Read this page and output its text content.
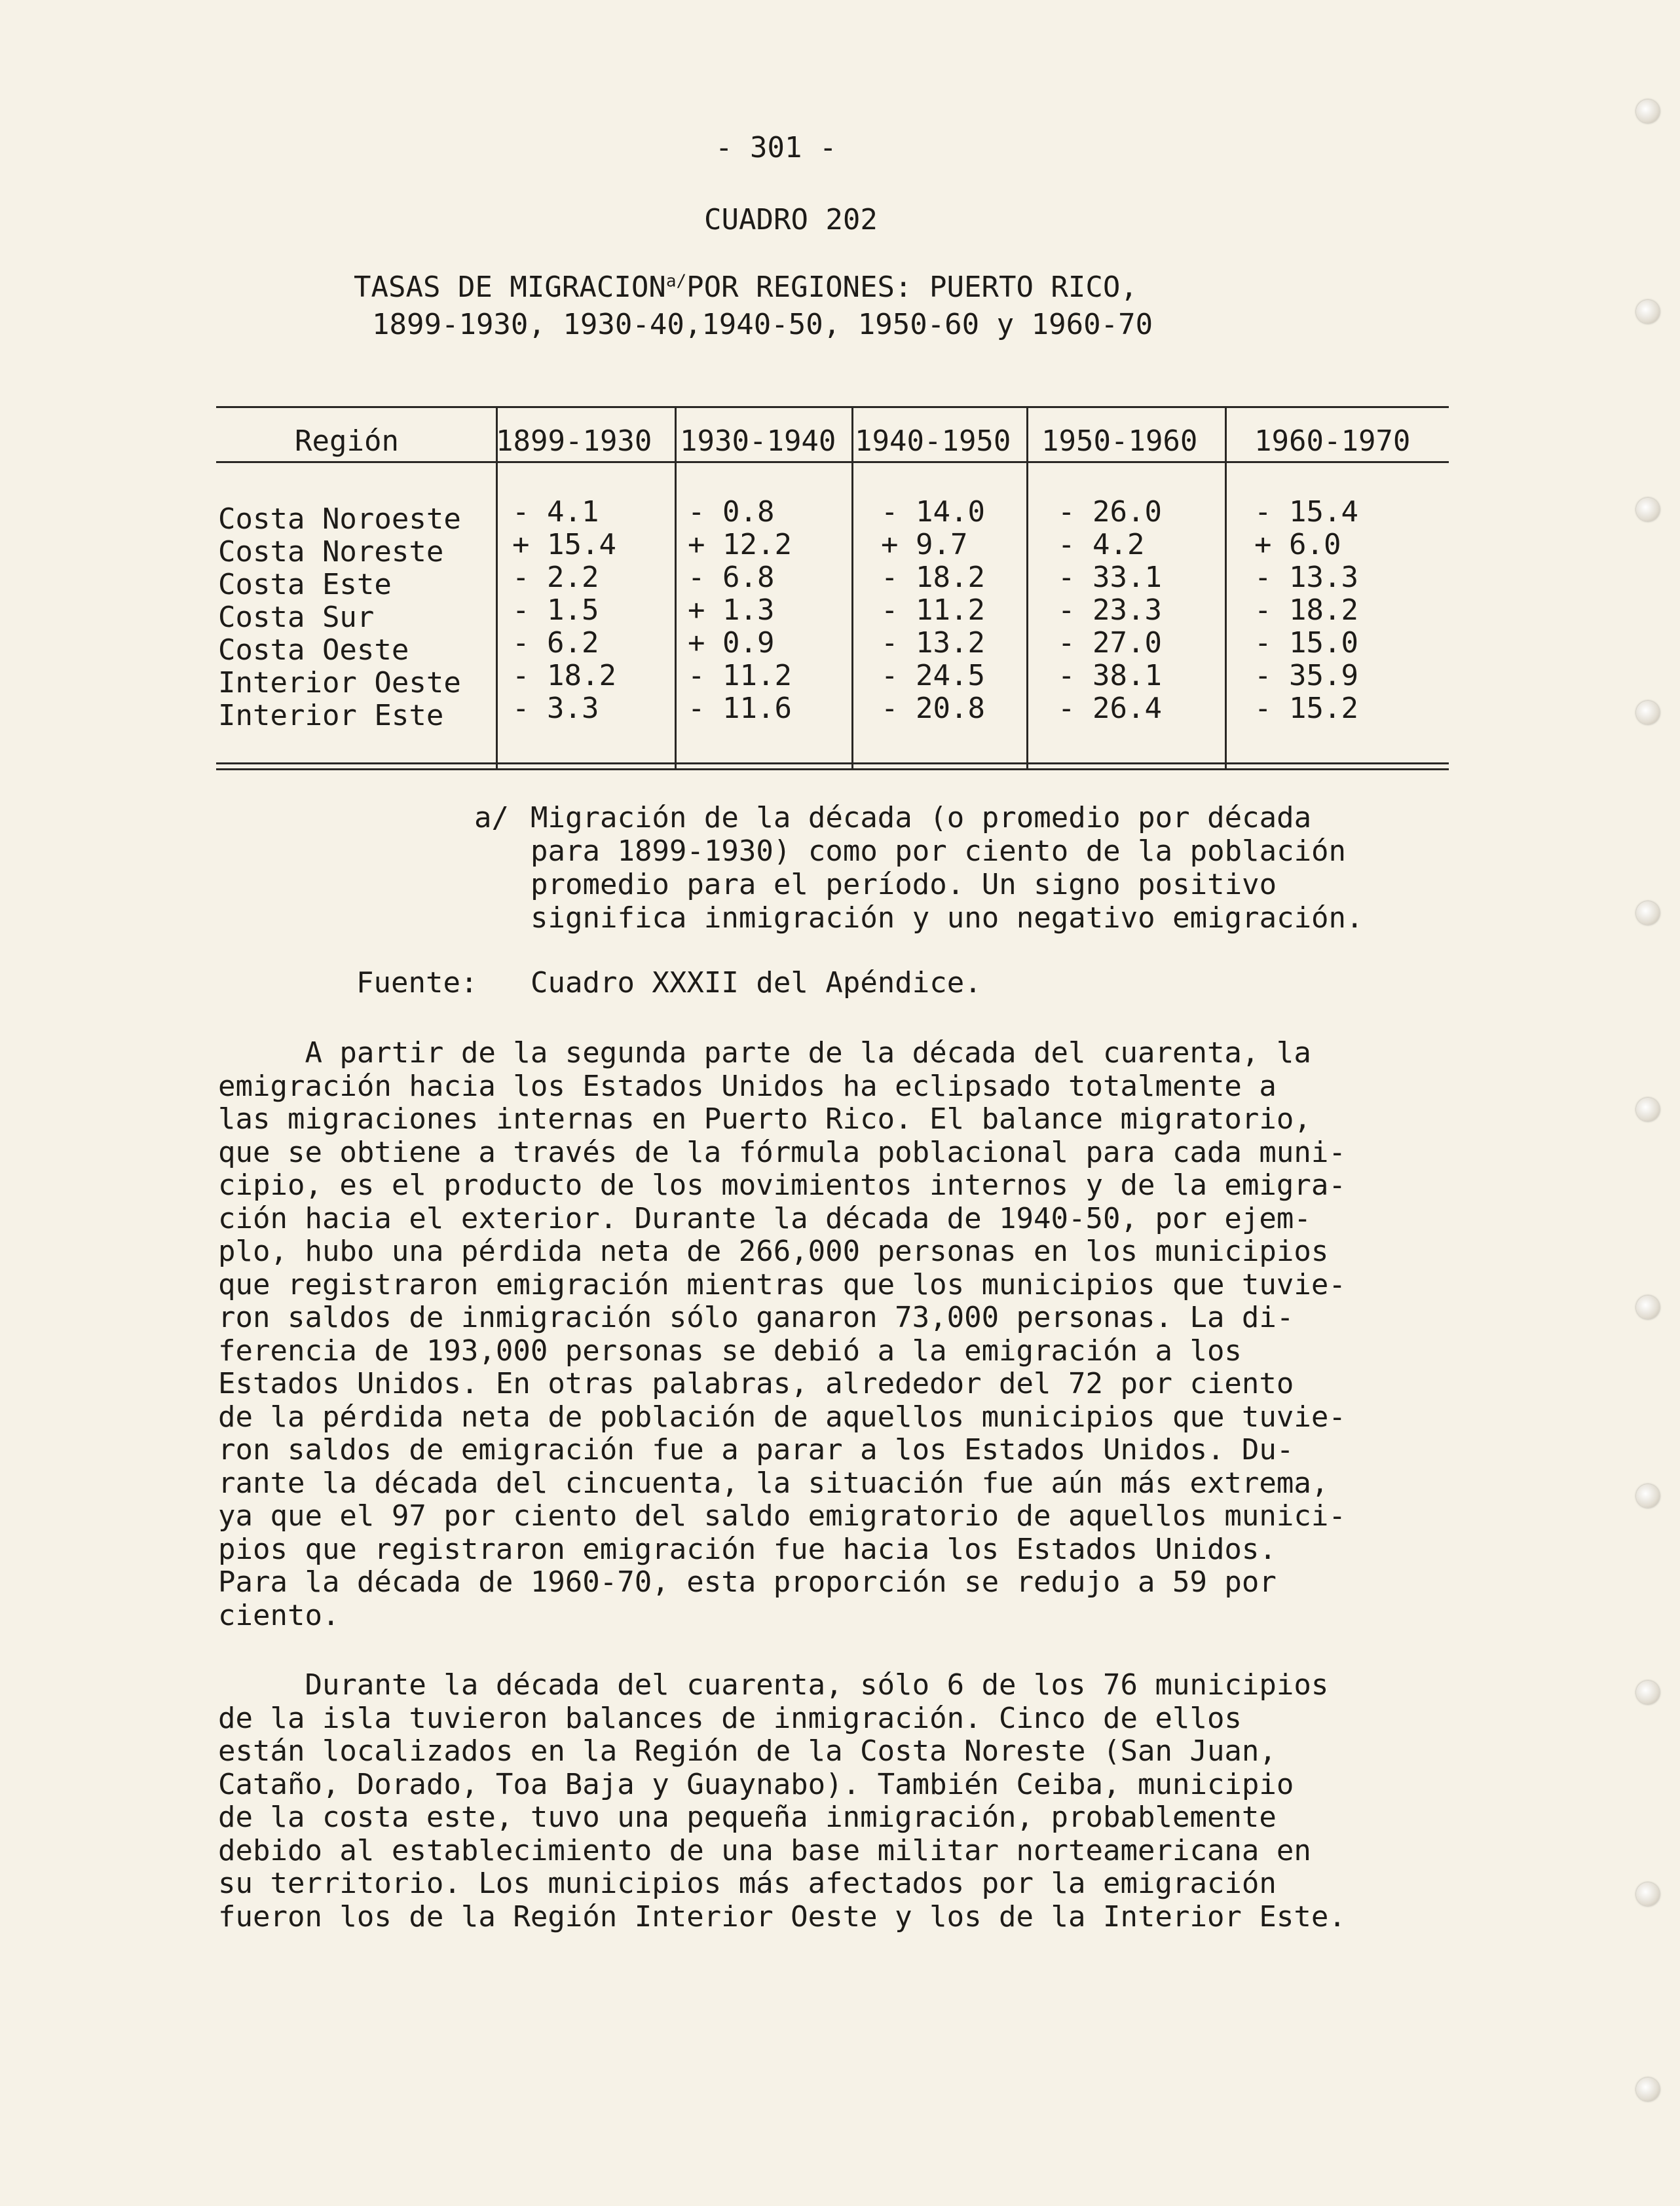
- 301 -
CUADRO 202
TASAS DE $MIGRACION^{a/}POR$ REGIONES: PUERTO RICO,
1899-1930, 1930-40,1940-50, 1950-60 y 1960-70
Región	1899-1930 1930-1940 1940-1950 1950-1960 1960-1970
Costa Noroeste - 4.1	- 0.8	- 14.0	- 26.0	- 15.4
Costa Noreste + 15.4 + 12.2	+ 9.7	- 4.2	+ 6.0
Costa Este	- 2.2	- 6.8	- 18.2	- 33.1	- 13.3
Costa Sur	- 1.5	+ 1.3	- 11.2	- 23.3	- 18.2
Costa Oeste	- 6.2	+ 0.9	- 13.2	- 27.0	- 15.0
Interior Oeste - 18.2 - 11.2	- 24.5	- 38.1	- 35.9
Interior Este - 3.3	- 11.6	- 20.8	- 26.4	- 15.2
a/ Migración de la década (o promedio por década
para 1899-1930) como por ciento de la población
promedio para el período. Un signo positivo
significa inmigración y uno negativo emigración.
Fuente: Cuadro XXXII del Apéndice.
A partir de la segunda parte de la década del cuarenta, la
emigración hacia los Estados Unidos ha eclipsado totalmente a
las migraciones internas en Puerto Rico. El balance migratorio,
que se obtiene a través de la fórmula poblacional para cada muni-
cipio, es el producto de los movimientos internos y de la emigra-
ción hacia el exterior. Durante la década de 1940-50, por ejem-
plo, hubo una pérdida neta de 266,000 personas en los municipios
que registraron emigración mientras que los municipios que tuvie-
ron saldos de inmigración sólo ganaron 73,000 personas. La di-
ferencia de 193,000 personas se debió a la emigración a los
Estados Unidos. En otras palabras, alrededor del 72 por ciento
de la pérdida neta de población de aquellos municipios que tuvie-
ron saldos de emigración fue a parar a los Estados Unidos. Du-
rante la década del cincuenta, la situación fue aún más extrema,
ya que el 97 por ciento del saldo emigratorio de aquellos munici-
pios que registraron emigración fue hacia los Estados Unidos.
Para la década de 1960-70, esta proporción se redujo a 59 por
ciento.
Durante la década del cuarenta, sólo 6 de los 76 municipios
de la isla tuvieron balances de inmigración. Cinco de ellos
están localizados en la Región de la Costa Noreste (San Juan,
Cataño, Dorado, Toa Baja y Guaynabo). También Ceiba, municipio
de la costa este, tuvo una pequeña inmigración, probablemente
debido al establecimiento de una base militar norteamericana en
su territorio. Los municipios más afectados por la emigración
fueron los de la Región Interior Oeste y los de la Interior Este.
